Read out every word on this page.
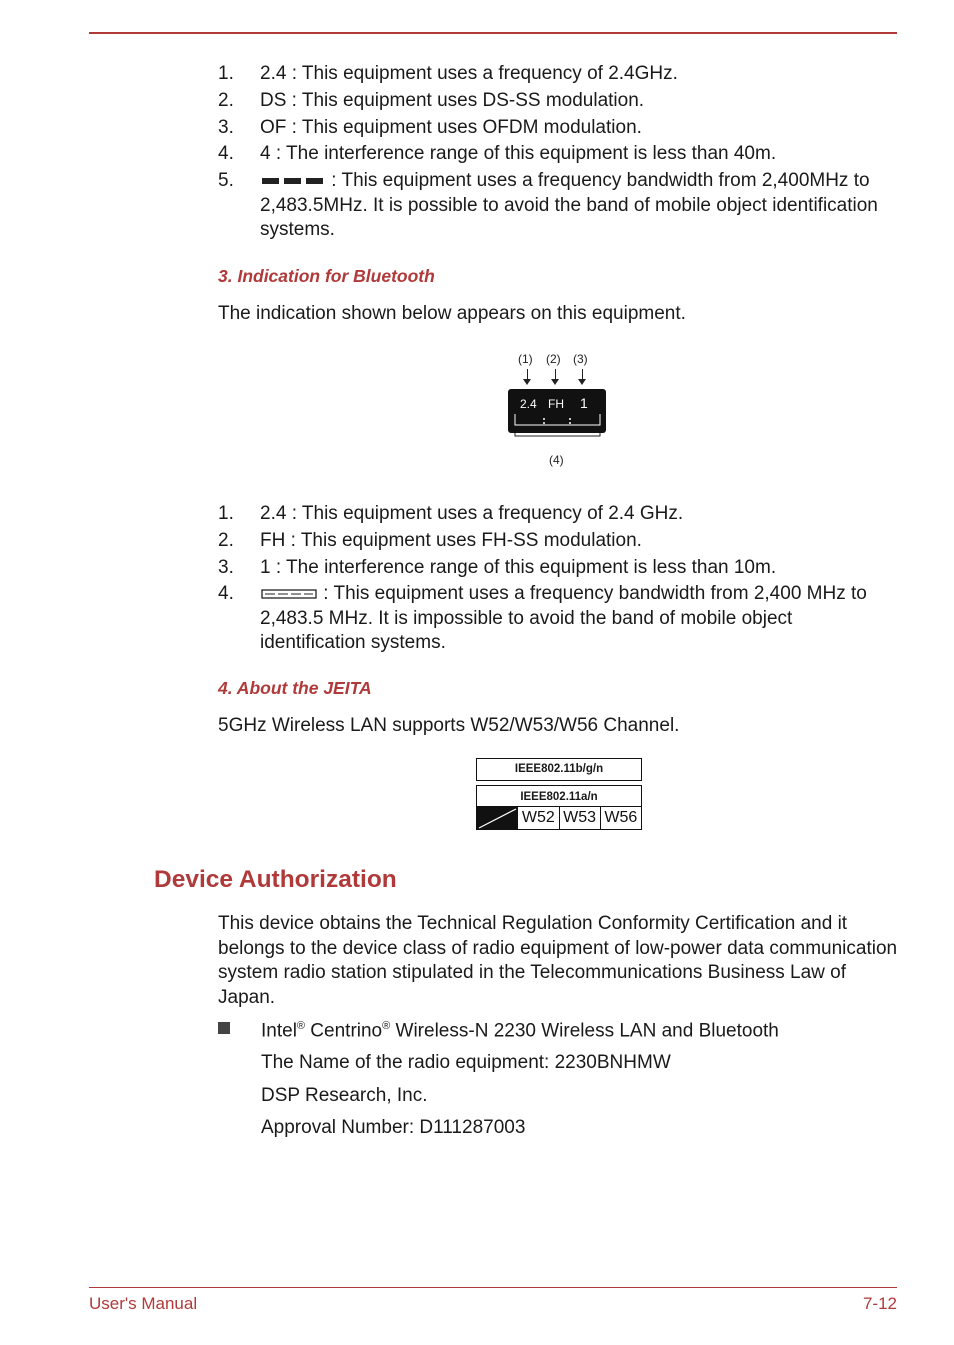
1.	2.4 : This equipment uses a frequency of 2.4GHz.
2.	DS : This equipment uses DS-SS modulation.
3.	OF : This equipment uses OFDM modulation.
4.	4 : The interference range of this equipment is less than 40m.
5.	: This equipment uses a frequency bandwidth from 2,400MHz to 2,483.5MHz. It is possible to avoid the band of mobile object identification systems.
3. Indication for Bluetooth
The indication shown below appears on this equipment.
(1) (2) (3)
2.4 FH 1
(4)
1.	2.4 : This equipment uses a frequency of 2.4 GHz.
2.	FH : This equipment uses FH-SS modulation.
3.	1 : The interference range of this equipment is less than 10m.
4.	: This equipment uses a frequency bandwidth from 2,400 MHz to 2,483.5 MHz. It is impossible to avoid the band of mobile object identification systems.
4. About the JEITA
5GHz Wireless LAN supports W52/W53/W56 Channel.
IEEE802.11b/g/n
IEEE802.11a/n
J52 W52 W53 W56
Device Authorization
This device obtains the Technical Regulation Conformity Certification and it belongs to the device class of radio equipment of low-power data communication system radio station stipulated in the Telecommunications Business Law of Japan.
Intel® Centrino® Wireless-N 2230 Wireless LAN and Bluetooth
The Name of the radio equipment: 2230BNHMW
DSP Research, Inc.
Approval Number: D111287003
User's Manual	7-12
